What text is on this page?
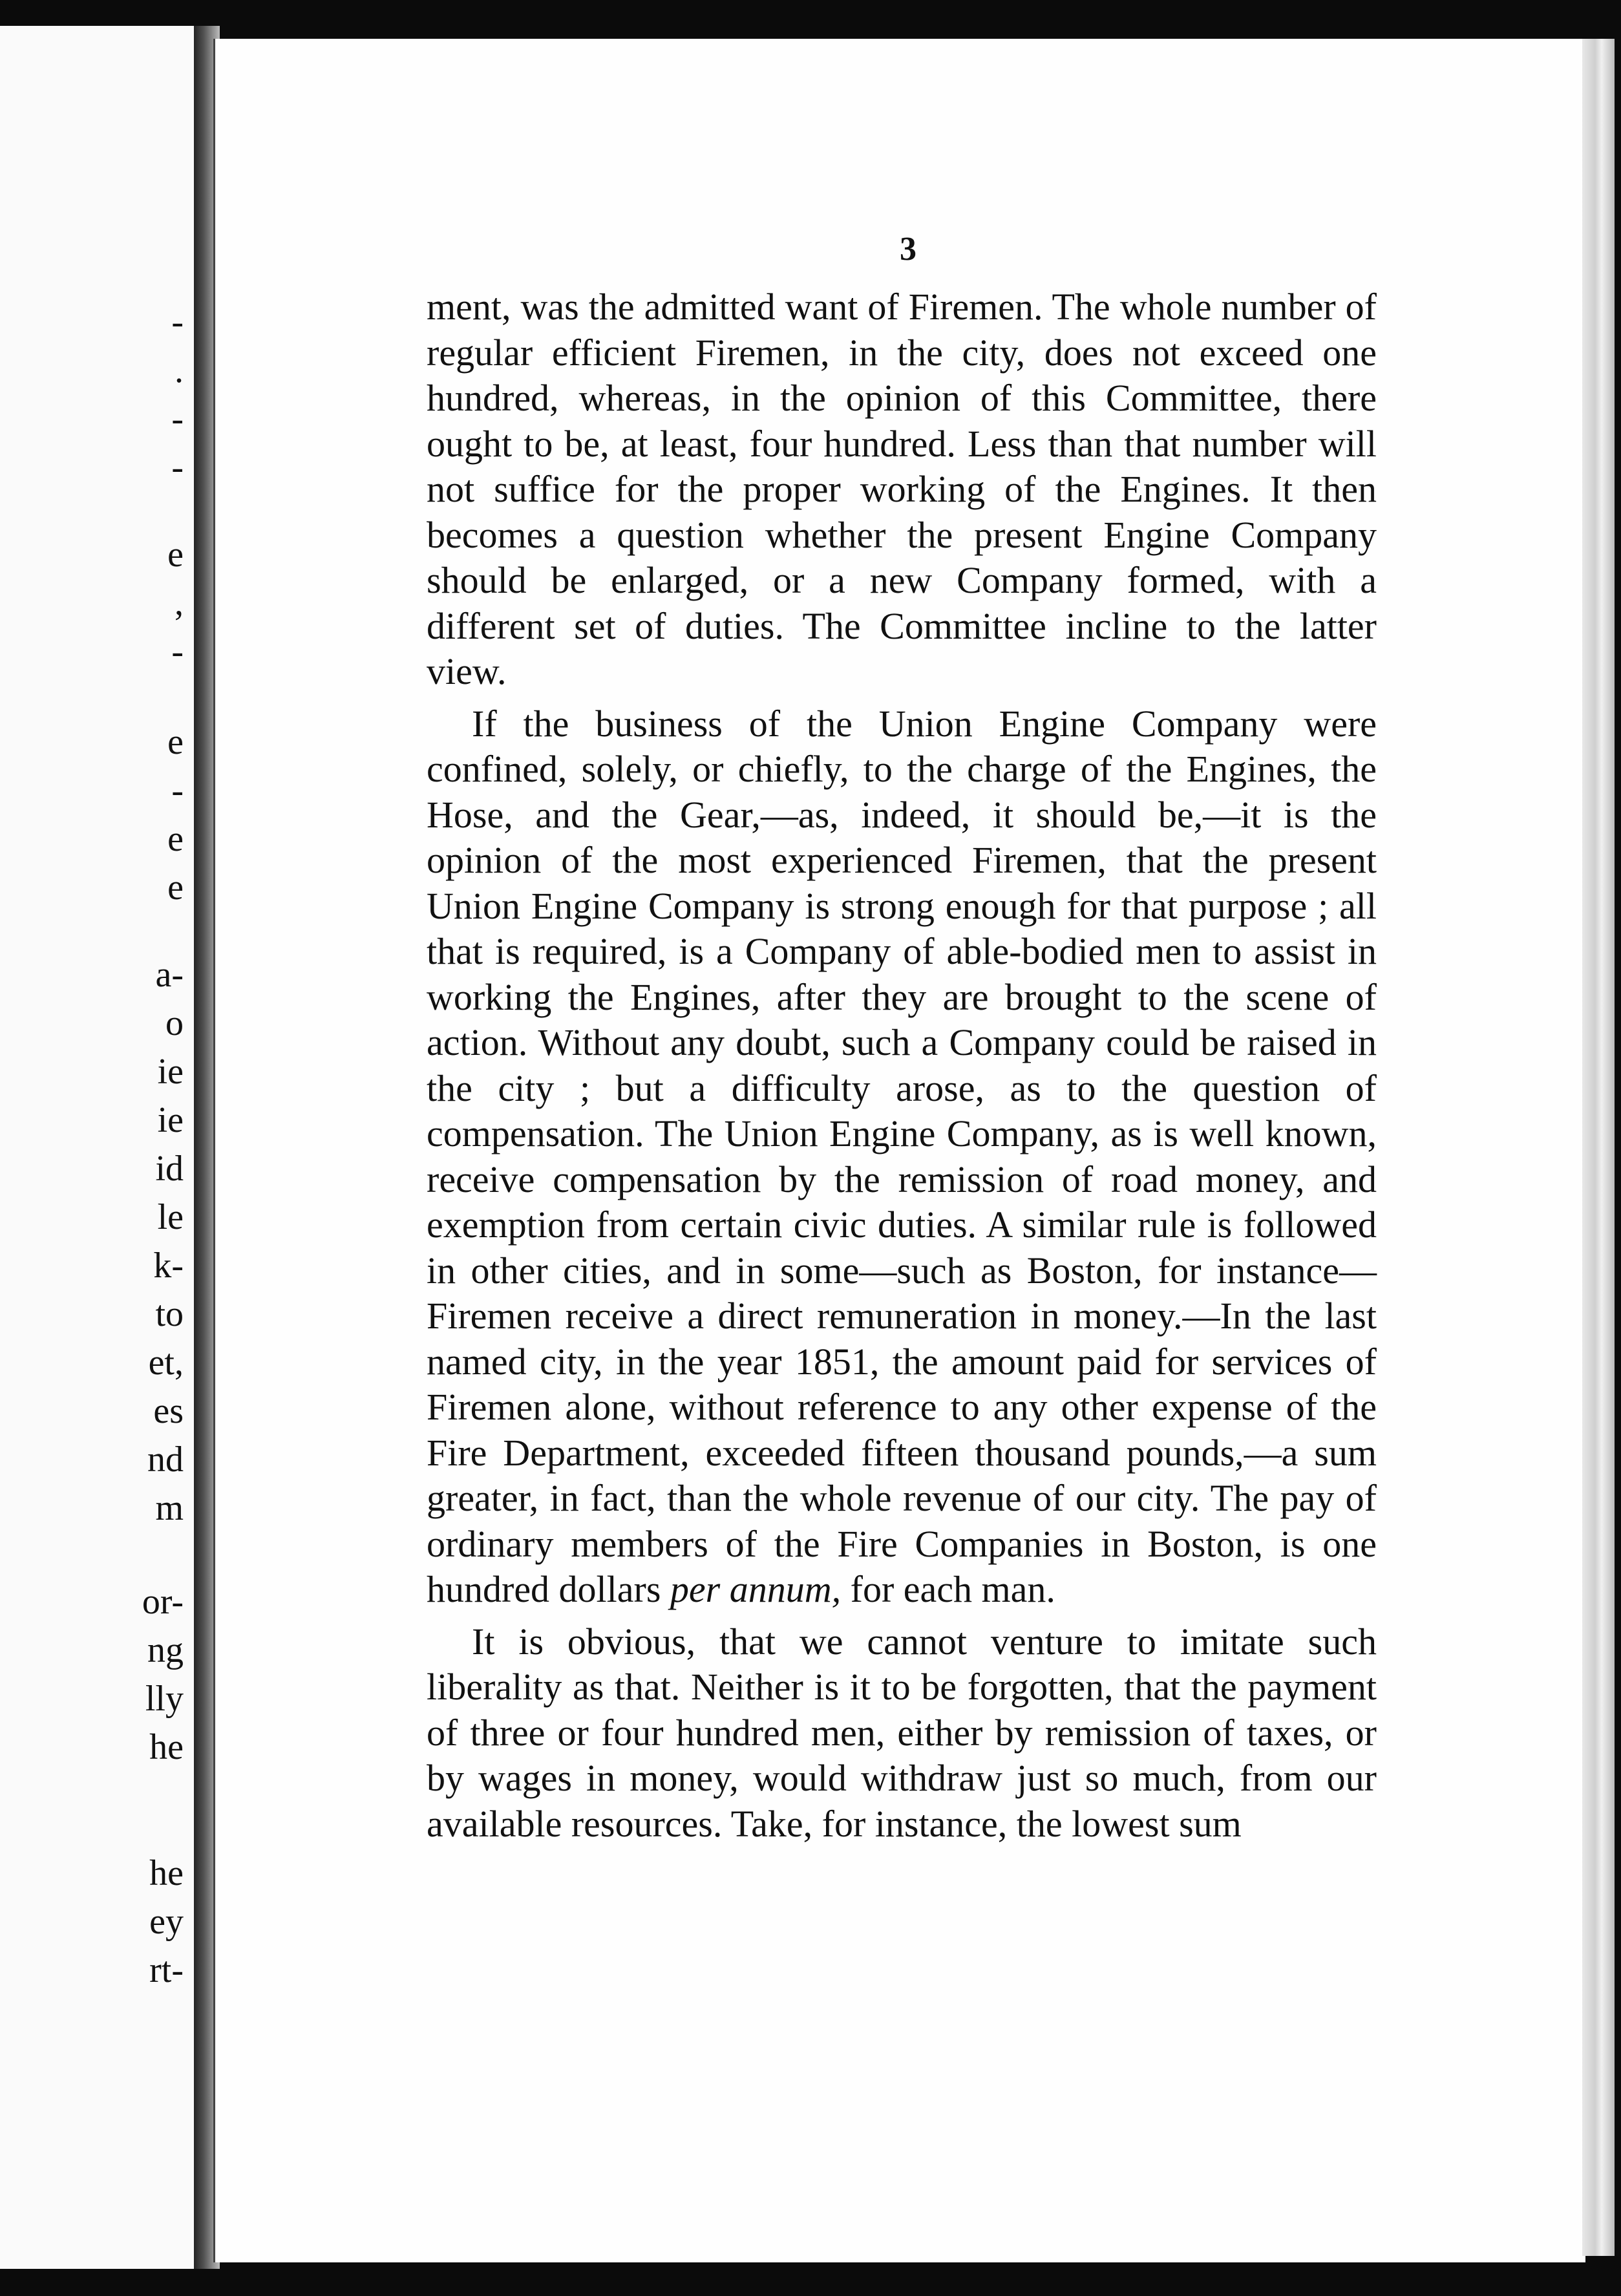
-
.
-
-
e
,
-
e
-
e
e
a-
o
ie
ie
id
le
k-
to
et,
es
nd
m
or-
ng
lly
he
he
ey
rt-
3

ment, was the admitted want of Firemen. The whole number of regular efficient Firemen, in the city, does not exceed one hundred, whereas, in the opinion of this Committee, there ought to be, at least, four hundred. Less than that number will not suffice for the proper working of the Engines. It then becomes a question whether the present Engine Company should be enlarged, or a new Company formed, with a different set of duties. The Committee incline to the latter view.

If the business of the Union Engine Company were confined, solely, or chiefly, to the charge of the Engines, the Hose, and the Gear,—as, indeed, it should be,—it is the opinion of the most experienced Firemen, that the present Union Engine Company is strong enough for that purpose ; all that is required, is a Company of able-bodied men to assist in working the Engines, after they are brought to the scene of action. Without any doubt, such a Company could be raised in the city ; but a difficulty arose, as to the question of compensation. The Union Engine Company, as is well known, receive compensation by the remission of road money, and exemption from certain civic duties. A similar rule is followed in other cities, and in some—such as Boston, for instance—Firemen receive a direct remuneration in money.—In the last named city, in the year 1851, the amount paid for services of Firemen alone, without reference to any other expense of the Fire Department, exceeded fifteen thousand pounds,—a sum greater, in fact, than the whole revenue of our city. The pay of ordinary members of the Fire Companies in Boston, is one hundred dollars per annum, for each man.

It is obvious, that we cannot venture to imitate such liberality as that. Neither is it to be forgotten, that the payment of three or four hundred men, either by remission of taxes, or by wages in money, would withdraw just so much, from our available resources. Take, for instance, the lowest sum
